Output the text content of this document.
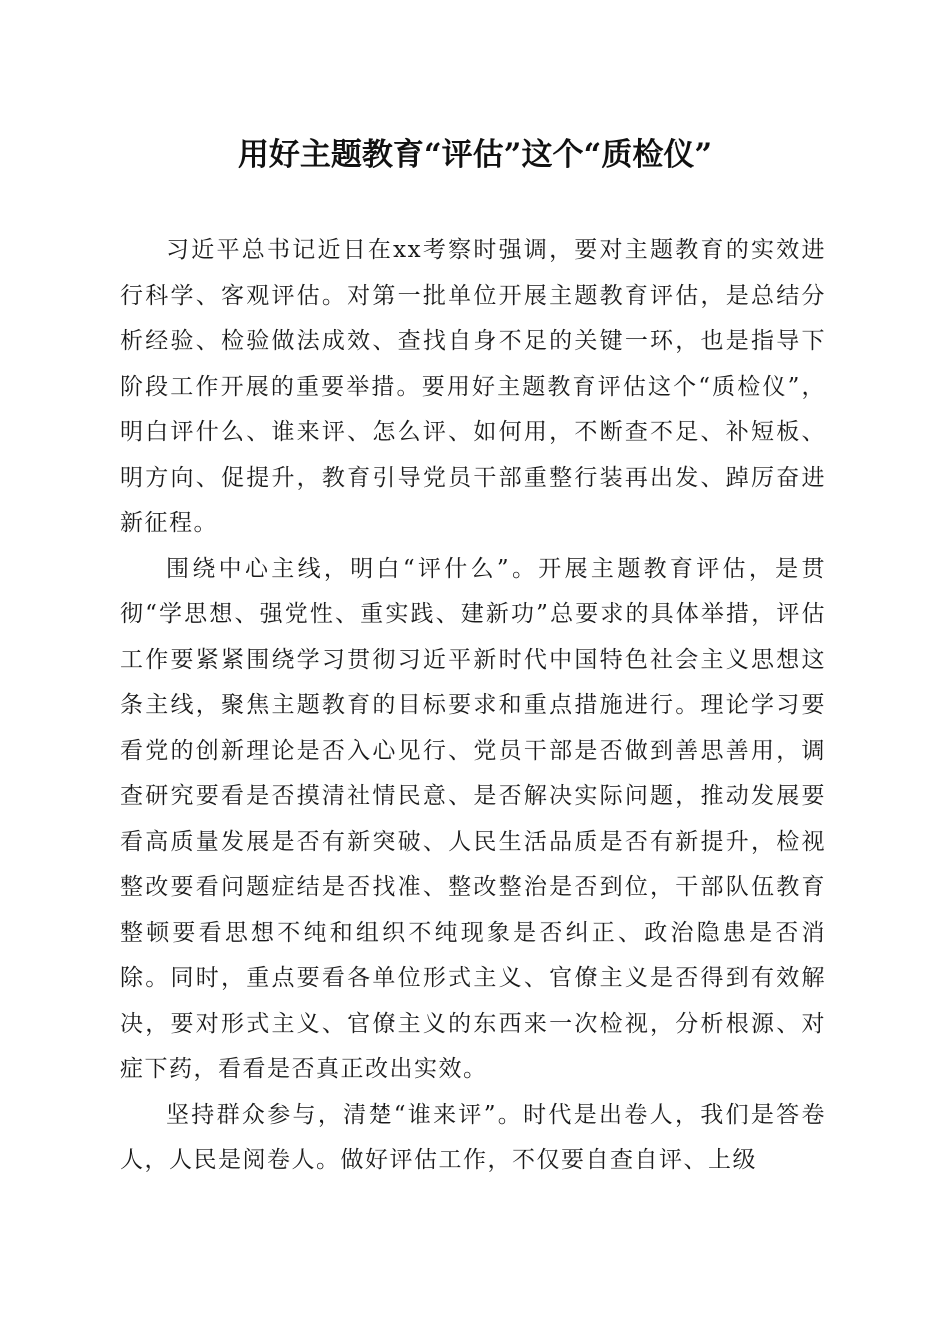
用好主题教育“评估”这个“质检仪”

习近平总书记近日在xx考察时强调，要对主题教育的实效进行科学、客观评估。对第一批单位开展主题教育评估，是总结分析经验、检验做法成效、查找自身不足的关键一环，也是指导下阶段工作开展的重要举措。要用好主题教育评估这个“质检仪”，明白评什么、谁来评、怎么评、如何用，不断查不足、补短板、明方向、促提升，教育引导党员干部重整行装再出发、踔厉奋进新征程。

围绕中心主线，明白“评什么”。开展主题教育评估，是贯彻“学思想、强党性、重实践、建新功”总要求的具体举措，评估工作要紧紧围绕学习贯彻习近平新时代中国特色社会主义思想这条主线，聚焦主题教育的目标要求和重点措施进行。理论学习要看党的创新理论是否入心见行、党员干部是否做到善思善用，调查研究要看是否摸清社情民意、是否解决实际问题，推动发展要看高质量发展是否有新突破、人民生活品质是否有新提升，检视整改要看问题症结是否找准、整改整治是否到位，干部队伍教育整顿要看思想不纯和组织不纯现象是否纠正、政治隐患是否消除。同时，重点要看各单位形式主义、官僚主义是否得到有效解决，要对形式主义、官僚主义的东西来一次检视，分析根源、对症下药，看看是否真正改出实效。

坚持群众参与，清楚“谁来评”。时代是出卷人，我们是答卷人，人民是阅卷人。做好评估工作，不仅要自查自评、上级
